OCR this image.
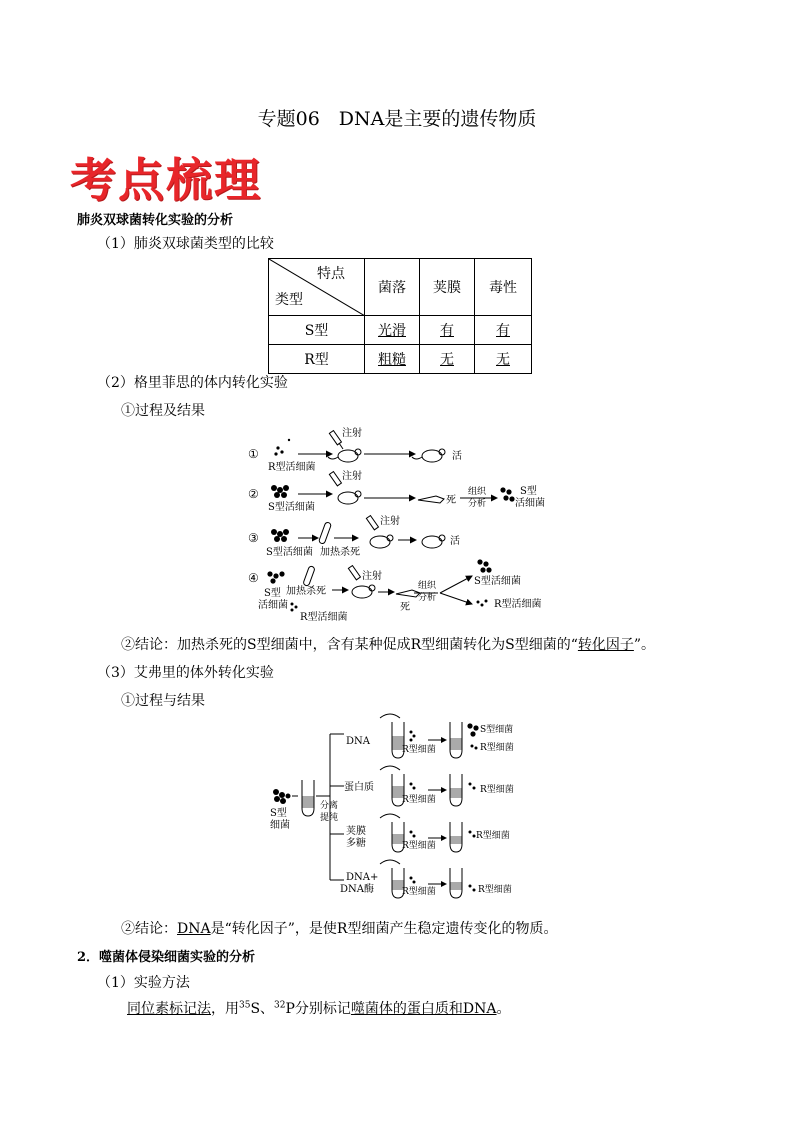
专题06　DNA是主要的遗传物质
考点梳理
肺炎双球菌转化实验的分析
（1）肺炎双球菌类型的比较
特点
类型	菌落	荚膜	毒性
S型	光滑	有	有
R型	粗糙	无	无
（2）格里菲思的体内转化实验
①过程及结果
①
R型活细菌
注射
活
②
S型活细菌
注射
死
组织
分析
S型
活细菌
③
S型活细菌 加热杀死
注射
活
④
S型
活细菌
加热杀死
R型活细菌
注射
死
组织
分析
S型活细菌
R型活细菌
②结论：加热杀死的S型细菌中，含有某种促成R型细菌转化为S型细菌的“转化因子”。
（3）艾弗里的体外转化实验
①过程与结果
S型
细菌
分离
提纯
DNA
蛋白质
荚膜
多糖
DNA+
DNA酶
R型细菌
S型细菌
R型细菌
R型细菌
R型细菌
R型细菌
R型细菌
R型细菌	R型细菌
②结论：DNA是“转化因子”，是使R型细菌产生稳定遗传变化的物质。
2．噬菌体侵染细菌实验的分析
（1）实验方法
同位素标记法，用$^{35}$S、$^{32}$P分别标记噬菌体的蛋白质和DNA。
